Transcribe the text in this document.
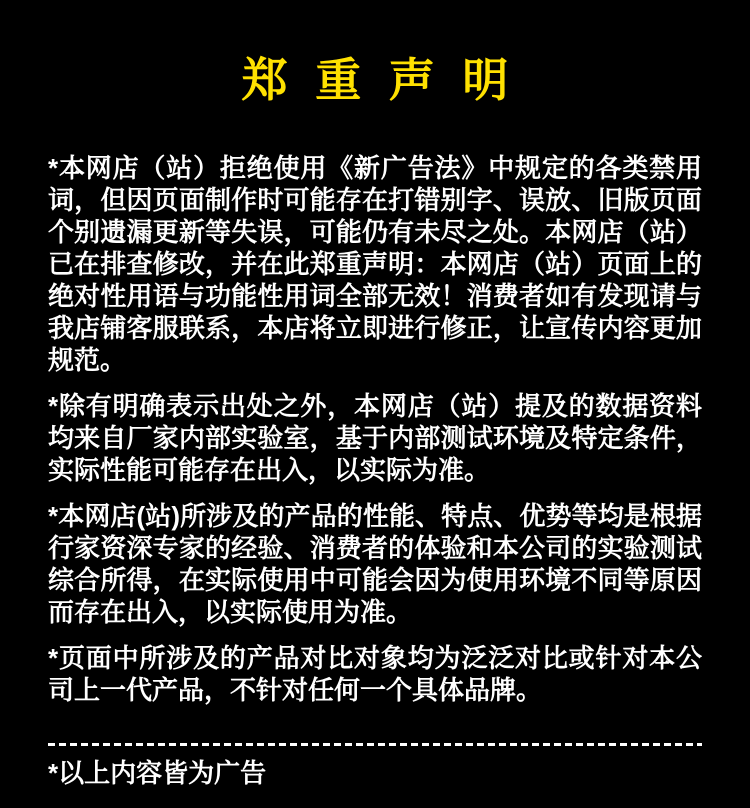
郑重声明

*本网店（站）拒绝使用《新广告法》中规定的各类禁用词，但因页面制作时可能存在打错别字、误放、旧版页面个别遗漏更新等失误，可能仍有未尽之处。本网店（站）已在排查修改，并在此郑重声明：本网店（站）页面上的绝对性用语与功能性用词全部无效！消费者如有发现请与我店铺客服联系，本店将立即进行修正，让宣传内容更加规范。

*除有明确表示出处之外，本网店（站）提及的数据资料均来自厂家内部实验室，基于内部测试环境及特定条件，实际性能可能存在出入，以实际为准。

*本网店(站)所涉及的产品的性能、特点、优势等均是根据行家资深专家的经验、消费者的体验和本公司的实验测试综合所得，在实际使用中可能会因为使用环境不同等原因而存在出入，以实际使用为准。

*页面中所涉及的产品对比对象均为泛泛对比或针对本公司上一代产品，不针对任何一个具体品牌。

*以上内容皆为广告
